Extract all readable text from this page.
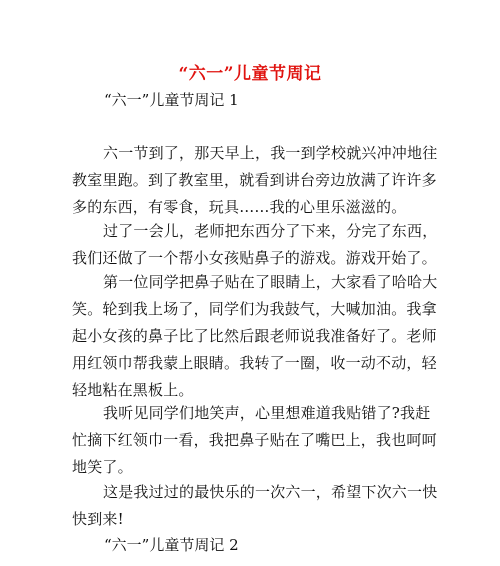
“六一”儿童节周记
“六一”儿童节周记 1
六一节到了，那天早上，我一到学校就兴冲冲地往教室里跑。到了教室里，就看到讲台旁边放满了许许多多的东西，有零食，玩具……我的心里乐滋滋的。
过了一会儿，老师把东西分了下来，分完了东西，我们还做了一个帮小女孩贴鼻子的游戏。游戏开始了。
第一位同学把鼻子贴在了眼睛上，大家看了哈哈大笑。轮到我上场了，同学们为我鼓气，大喊加油。我拿起小女孩的鼻子比了比然后跟老师说我准备好了。老师用红领巾帮我蒙上眼睛。我转了一圈，收一动不动，轻轻地粘在黑板上。
我听见同学们地笑声，心里想难道我贴错了?我赶忙摘下红领巾一看，我把鼻子贴在了嘴巴上，我也呵呵地笑了。
这是我过过的最快乐的一次六一，希望下次六一快快到来!
“六一”儿童节周记 2
